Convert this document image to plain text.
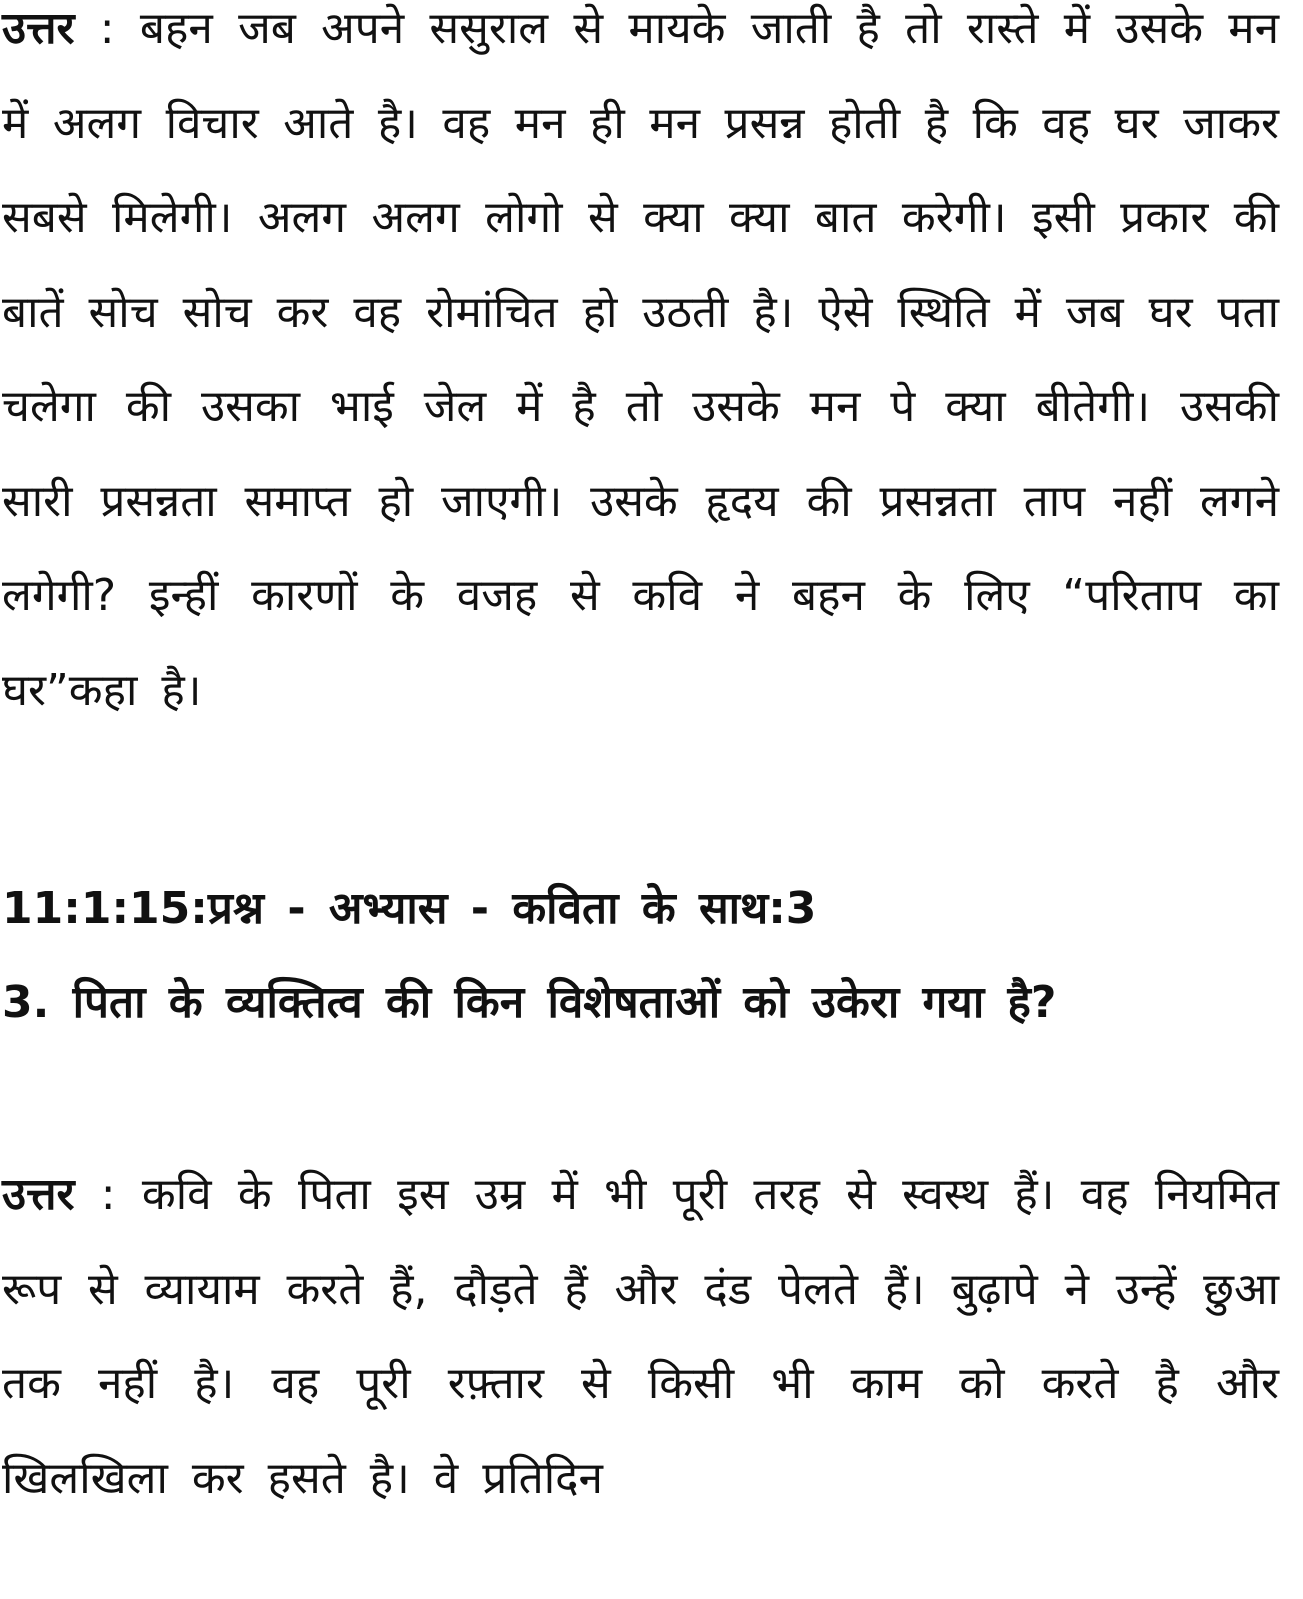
उत्तर : बहन जब अपने ससुराल से मायके जाती है तो रास्ते में उसके मन में अलग विचार आते है। वह मन ही मन प्रसन्न होती है कि वह घर जाकर सबसे मिलेगी। अलग अलग लोगो से क्या क्या बात करेगी। इसी प्रकार की बातें सोच सोच कर वह रोमांचित हो उठती है। ऐसे स्थिति में जब घर पता चलेगा की उसका भाई जेल में है तो उसके मन पे क्या बीतेगी। उसकी सारी प्रसन्नता समाप्त हो जाएगी। उसके हृदय की प्रसन्नता ताप नहीं लगने लगेगी? इन्हीं कारणों के वजह से कवि ने बहन के लिए “परिताप का घर”कहा है।

11:1:15:प्रश्न - अभ्यास - कविता के साथ:3
3. पिता के व्यक्तित्व की किन विशेषताओं को उकेरा गया है?

उत्तर : कवि के पिता इस उम्र में भी पूरी तरह से स्वस्थ हैं। वह नियमित रूप से व्यायाम करते हैं, दौड़ते हैं और दंड पेलते हैं। बुढ़ापे ने उन्हें छुआ तक नहीं है। वह पूरी रफ़्तार से किसी भी काम को करते है और खिलखिला कर हसते है। वे प्रतिदिन
